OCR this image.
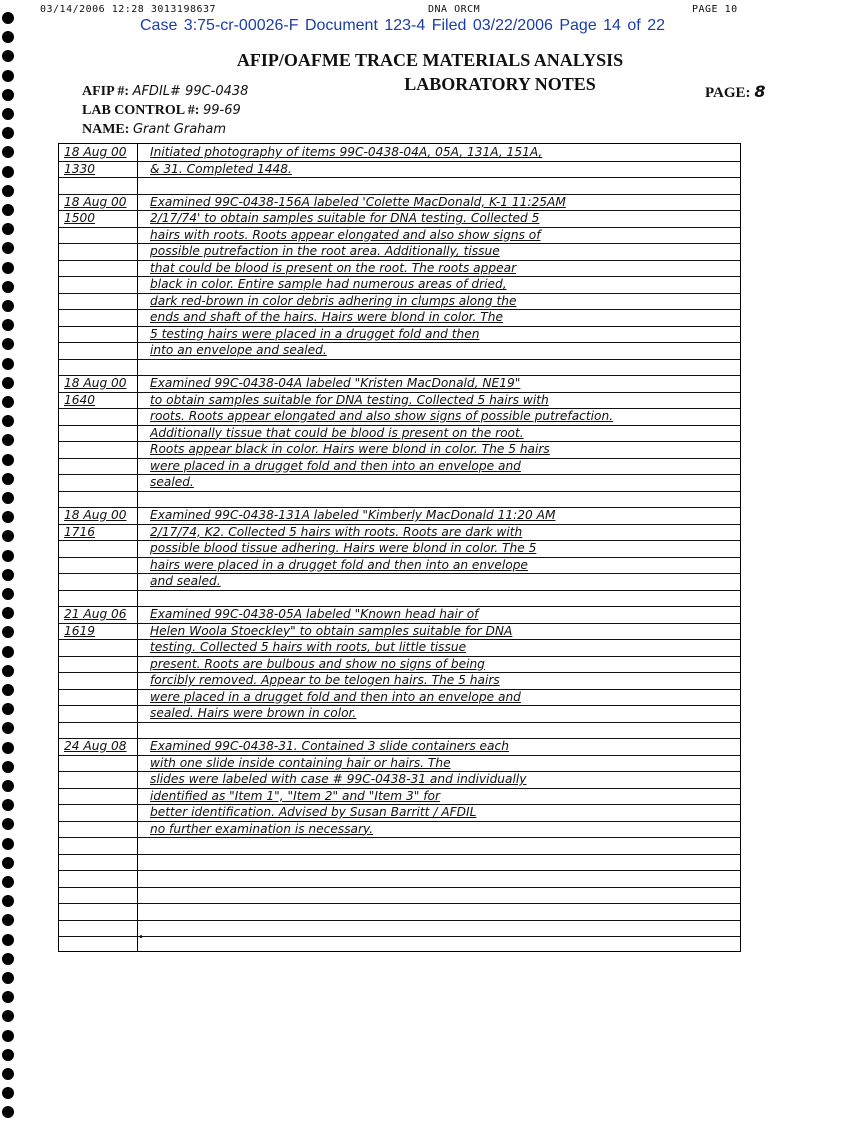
03/14/2006 12:28 3013198637	DNA ORCM	PAGE 10
Case 3:75-cr-00026-F Document 123-4 Filed 03/22/2006 Page 14 of 22
AFIP/OAFME TRACE MATERIALS ANALYSIS
LABORATORY NOTES
AFIP #: AFDIL# 99C-0438
LAB CONTROL #: 99-69
NAME: Grant Graham
PAGE: 8
18 Aug 00	Initiated photography of items 99C-0438-04A, 05A, 131A, 151A,
1330	& 31. Completed 1448.
18 Aug 00	Examined 99C-0438-156A labeled 'Colette MacDonald, K-1 11:25AM
1500	2/17/74' to obtain samples suitable for DNA testing. Collected 5
hairs with roots. Roots appear elongated and also show signs of
possible putrefaction in the root area. Additionally, tissue
that could be blood is present on the root. The roots appear
black in color. Entire sample had numerous areas of dried,
dark red-brown in color debris adhering in clumps along the
ends and shaft of the hairs. Hairs were blond in color. The
5 testing hairs were placed in a drugget fold and then
into an envelope and sealed.
18 Aug 00	Examined 99C-0438-04A labeled "Kristen MacDonald, NE19"
1640	to obtain samples suitable for DNA testing. Collected 5 hairs with
roots. Roots appear elongated and also show signs of possible putrefaction.
Additionally tissue that could be blood is present on the root.
Roots appear black in color. Hairs were blond in color. The 5 hairs
were placed in a drugget fold and then into an envelope and
sealed.
18 Aug 00	Examined 99C-0438-131A labeled "Kimberly MacDonald 11:20 AM
1716	2/17/74, K2. Collected 5 hairs with roots. Roots are dark with
possible blood tissue adhering. Hairs were blond in color. The 5
hairs were placed in a drugget fold and then into an envelope
and sealed.
21 Aug 06	Examined 99C-0438-05A labeled "Known head hair of
1619	Helen Woola Stoeckley" to obtain samples suitable for DNA
testing. Collected 5 hairs with roots, but little tissue
present. Roots are bulbous and show no signs of being
forcibly removed. Appear to be telogen hairs. The 5 hairs
were placed in a drugget fold and then into an envelope and
sealed. Hairs were brown in color.
24 Aug 08	Examined 99C-0438-31. Contained 3 slide containers each
with one slide inside containing hair or hairs. The
slides were labeled with case # 99C-0438-31 and individually
identified as "Item 1", "Item 2" and "Item 3" for
better identification. Advised by Susan Barritt / AFDIL
no further examination is necessary.
•
